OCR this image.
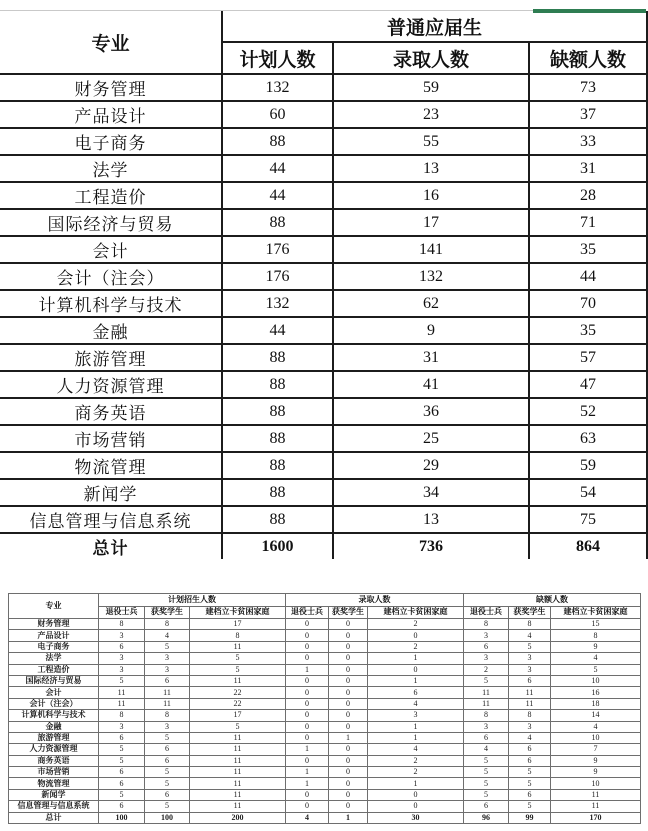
专业	普通应届生		
	计划人数	录取人数	缺额人数
财务管理	132	59	73
产品设计	60	23	37
电子商务	88	55	33
法学	44	13	31
工程造价	44	16	28
国际经济与贸易	88	17	71
会计	176	141	35
会计（注会）	176	132	44
计算机科学与技术	132	62	70
金融	44	9	35
旅游管理	88	31	57
人力资源管理	88	41	47
商务英语	88	36	52
市场营销	88	25	63
物流管理	88	29	59
新闻学	88	34	54
信息管理与信息系统	88	13	75
总计	1600	736	864
专业	计划招生人数			录取人数			缺额人数		
	退役士兵	获奖学生	建档立卡贫困家庭	退役士兵	获奖学生	建档立卡贫困家庭	退役士兵	获奖学生	建档立卡贫困家庭
财务管理	8	8	17	0	0	2	8	8	15
产品设计	3	4	8	0	0	0	3	4	8
电子商务	6	5	11	0	0	2	6	5	9
法学	3	3	5	0	0	1	3	3	4
工程造价	3	3	5	1	0	0	2	3	5
国际经济与贸易	5	6	11	0	0	1	5	6	10
会计	11	11	22	0	0	6	11	11	16
会计（注会）	11	11	22	0	0	4	11	11	18
计算机科学与技术	8	8	17	0	0	3	8	8	14
金融	3	3	5	0	0	1	3	3	4
旅游管理	6	5	11	0	1	1	6	4	10
人力资源管理	5	6	11	1	0	4	4	6	7
商务英语	5	6	11	0	0	2	5	6	9
市场营销	6	5	11	1	0	2	5	5	9
物流管理	6	5	11	1	0	1	5	5	10
新闻学	5	6	11	0	0	0	5	6	11
信息管理与信息系统	6	5	11	0	0	0	6	5	11
总计	100	100	200	4	1	30	96	99	170
